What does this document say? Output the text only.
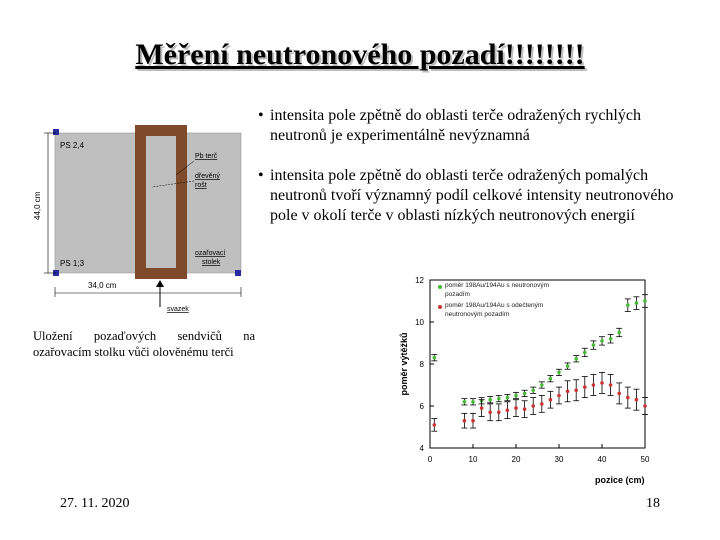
Měření neutronového pozadí!!!!!!!!
• intensita pole zpětně do oblasti terče odražených rychlých neutronů je experimentálně nevýznamná
• intensita pole zpětně do oblasti terče odražených pomalých neutronů tvoří významný podíl celkové intensity neutronového pole v okolí terče v oblasti nízkých neutronových energií
PS 2,4
PS 1;3
Pb terč
dřevěný
rošt
ozařovací
stolek
44,0 cm
34,0 cm
svazek
Uložení pozaďových sendvičů na ozařovacím stolku vůči olověnému terči
4
6
8
10
12
0	10	20	30	40	50
poměr výtěžků
pozice (cm)
poměr 198Au/194Au s neutronovým pozadím
poměr 198Au/194Au s odečteným neutronovým pozadím
27. 11. 2020	18
